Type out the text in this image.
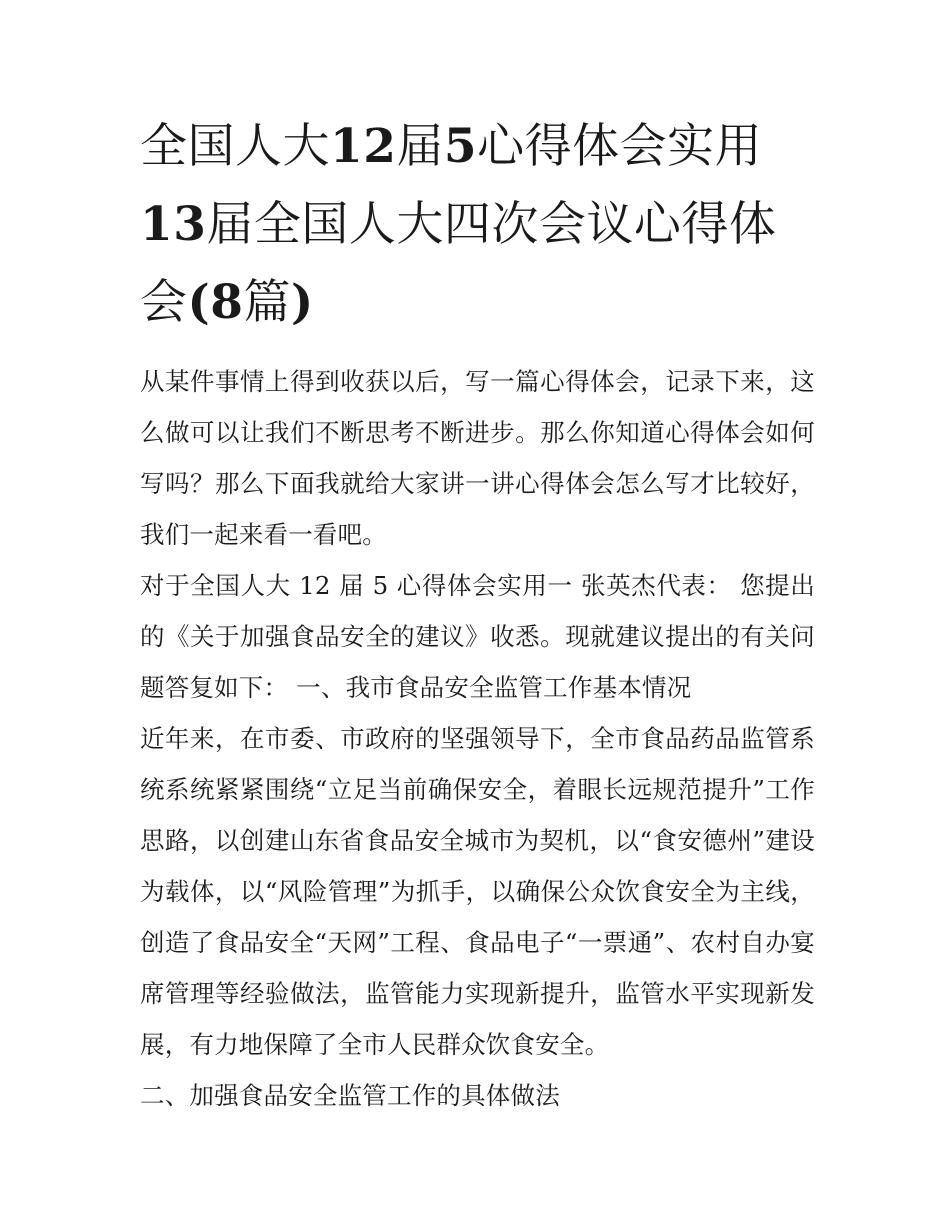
全国人大12届5心得体会实用13届全国人大四次会议心得体会(8篇)

从某件事情上得到收获以后，写一篇心得体会，记录下来，这么做可以让我们不断思考不断进步。那么你知道心得体会如何写吗？那么下面我就给大家讲一讲心得体会怎么写才比较好，我们一起来看一看吧。

对于全国人大 12 届 5 心得体会实用一 张英杰代表： 您提出的《关于加强食品安全的建议》收悉。现就建议提出的有关问题答复如下： 一、我市食品安全监管工作基本情况

近年来，在市委、市政府的坚强领导下，全市食品药品监管系统系统紧紧围绕“立足当前确保安全，着眼长远规范提升”工作思路，以创建山东省食品安全城市为契机，以“食安德州”建设为载体，以“风险管理”为抓手，以确保公众饮食安全为主线，创造了食品安全“天网”工程、食品电子“一票通”、农村自办宴席管理等经验做法，监管能力实现新提升，监管水平实现新发展，有力地保障了全市人民群众饮食安全。

二、加强食品安全监管工作的具体做法
